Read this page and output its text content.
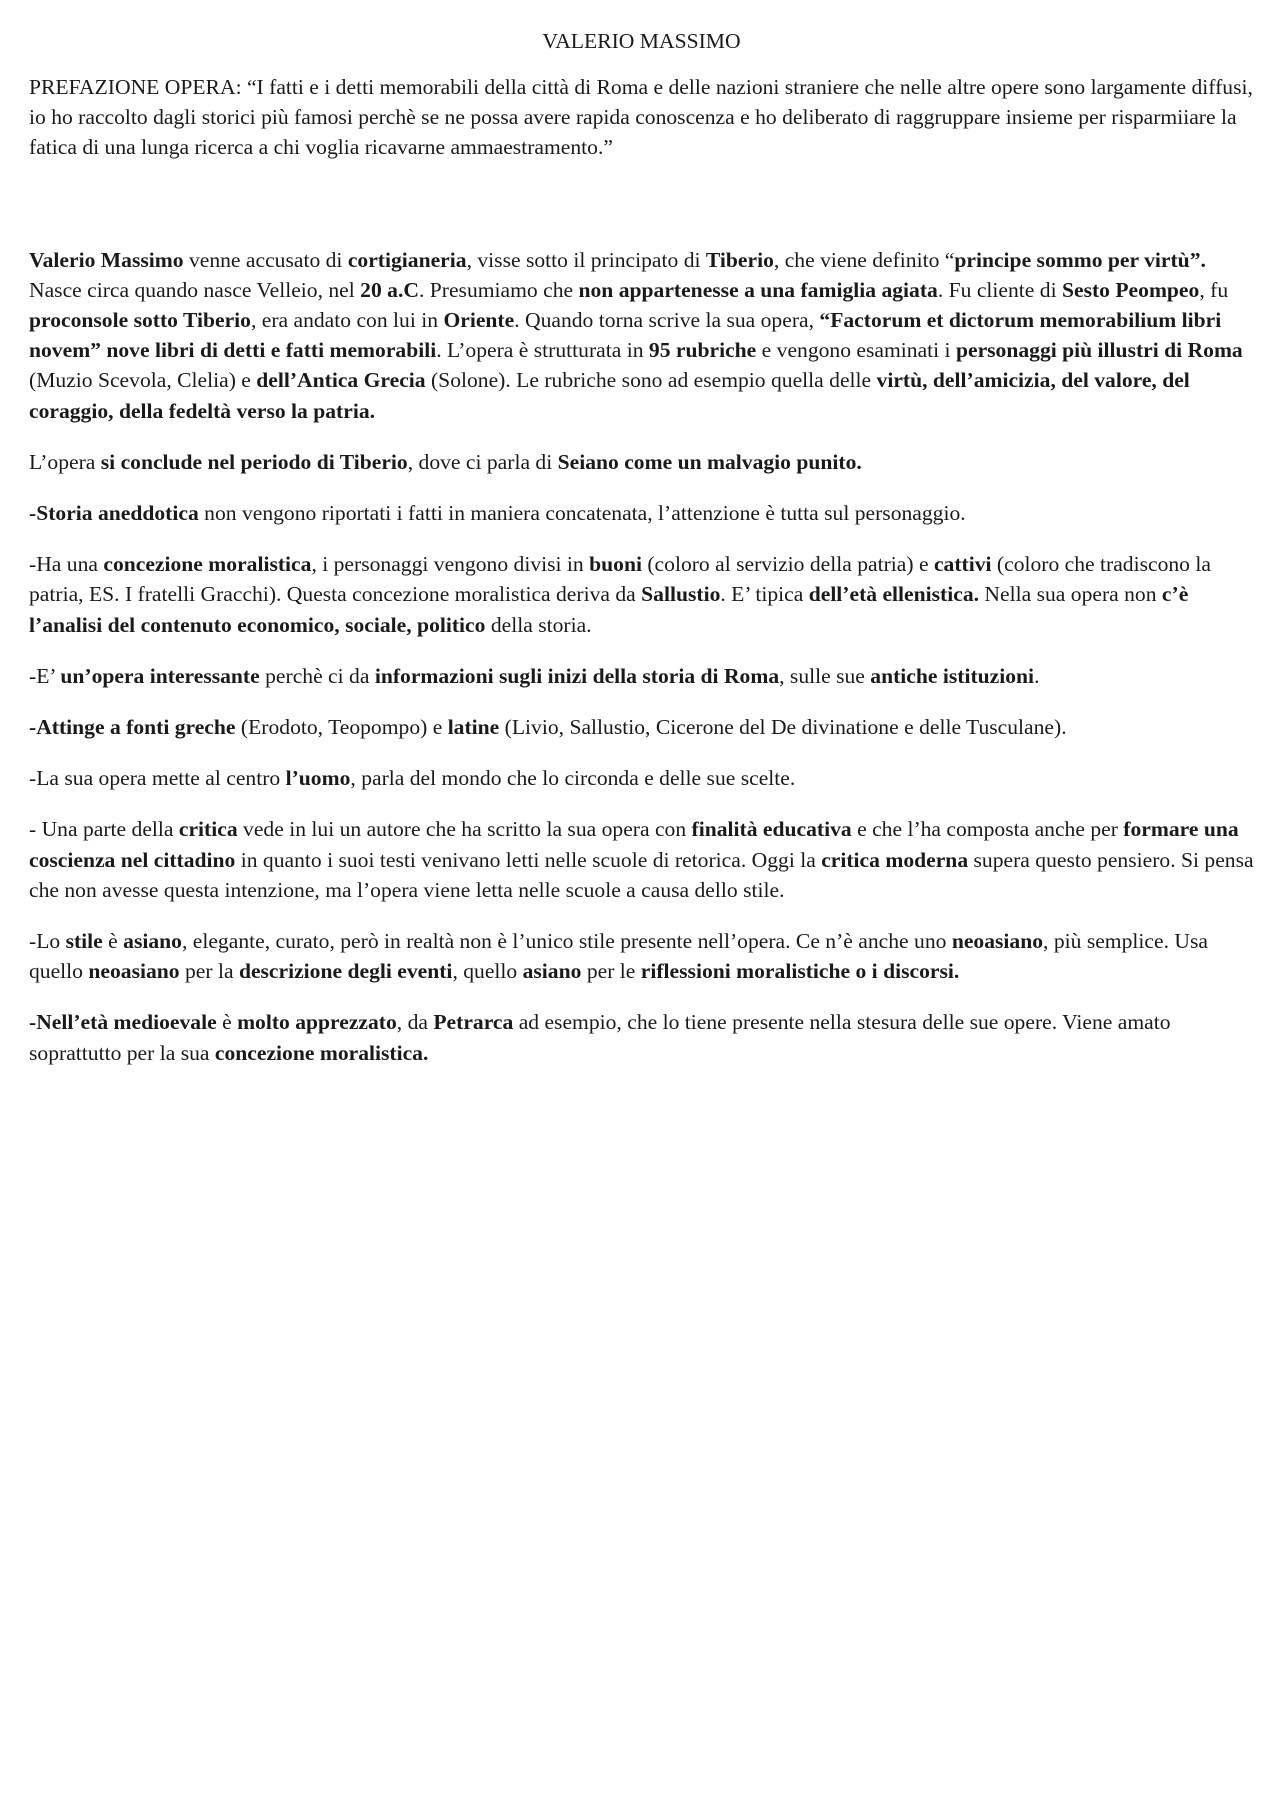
VALERIO MASSIMO

PREFAZIONE OPERA: “I fatti e i detti memorabili della città di Roma e delle nazioni straniere che nelle altre opere sono largamente diffusi, io ho raccolto dagli storici più famosi perchè se ne possa avere rapida conoscenza e ho deliberato di raggruppare insieme per risparmiiare la fatica di una lunga ricerca a chi voglia ricavarne ammaestramento.”

Valerio Massimo venne accusato di cortigianeria, visse sotto il principato di Tiberio, che viene definito “principe sommo per virtù”. Nasce circa quando nasce Velleio, nel 20 a.C. Presumiamo che non appartenesse a una famiglia agiata. Fu cliente di Sesto Peompeo, fu proconsole sotto Tiberio, era andato con lui in Oriente. Quando torna scrive la sua opera, “Factorum et dictorum memorabilium libri novem” nove libri di detti e fatti memorabili. L’opera è strutturata in 95 rubriche e vengono esaminati i personaggi più illustri di Roma (Muzio Scevola, Clelia) e dell’Antica Grecia (Solone). Le rubriche sono ad esempio quella delle virtù, dell’amicizia, del valore, del coraggio, della fedeltà verso la patria.

L’opera si conclude nel periodo di Tiberio, dove ci parla di Seiano come un malvagio punito.

-Storia aneddotica non vengono riportati i fatti in maniera concatenata, l’attenzione è tutta sul personaggio.

-Ha una concezione moralistica, i personaggi vengono divisi in buoni (coloro al servizio della patria) e cattivi (coloro che tradiscono la patria, ES. I fratelli Gracchi). Questa concezione moralistica deriva da Sallustio. E’ tipica dell’età ellenistica. Nella sua opera non c’è l’analisi del contenuto economico, sociale, politico della storia.

-E’ un’opera interessante perchè ci da informazioni sugli inizi della storia di Roma, sulle sue antiche istituzioni.

-Attinge a fonti greche (Erodoto, Teopompo) e latine (Livio, Sallustio, Cicerone del De divinatione e delle Tusculane).

-La sua opera mette al centro l’uomo, parla del mondo che lo circonda e delle sue scelte.

- Una parte della critica vede in lui un autore che ha scritto la sua opera con finalità educativa e che l’ha composta anche per formare una coscienza nel cittadino in quanto i suoi testi venivano letti nelle scuole di retorica. Oggi la critica moderna supera questo pensiero. Si pensa che non avesse questa intenzione, ma l’opera viene letta nelle scuole a causa dello stile.

-Lo stile è asiano, elegante, curato, però in realtà non è l’unico stile presente nell’opera. Ce n’è anche uno neoasiano, più semplice. Usa quello neoasiano per la descrizione degli eventi, quello asiano per le riflessioni moralistiche o i discorsi.

-Nell’età medioevale è molto apprezzato, da Petrarca ad esempio, che lo tiene presente nella stesura delle sue opere. Viene amato soprattutto per la sua concezione moralistica.
